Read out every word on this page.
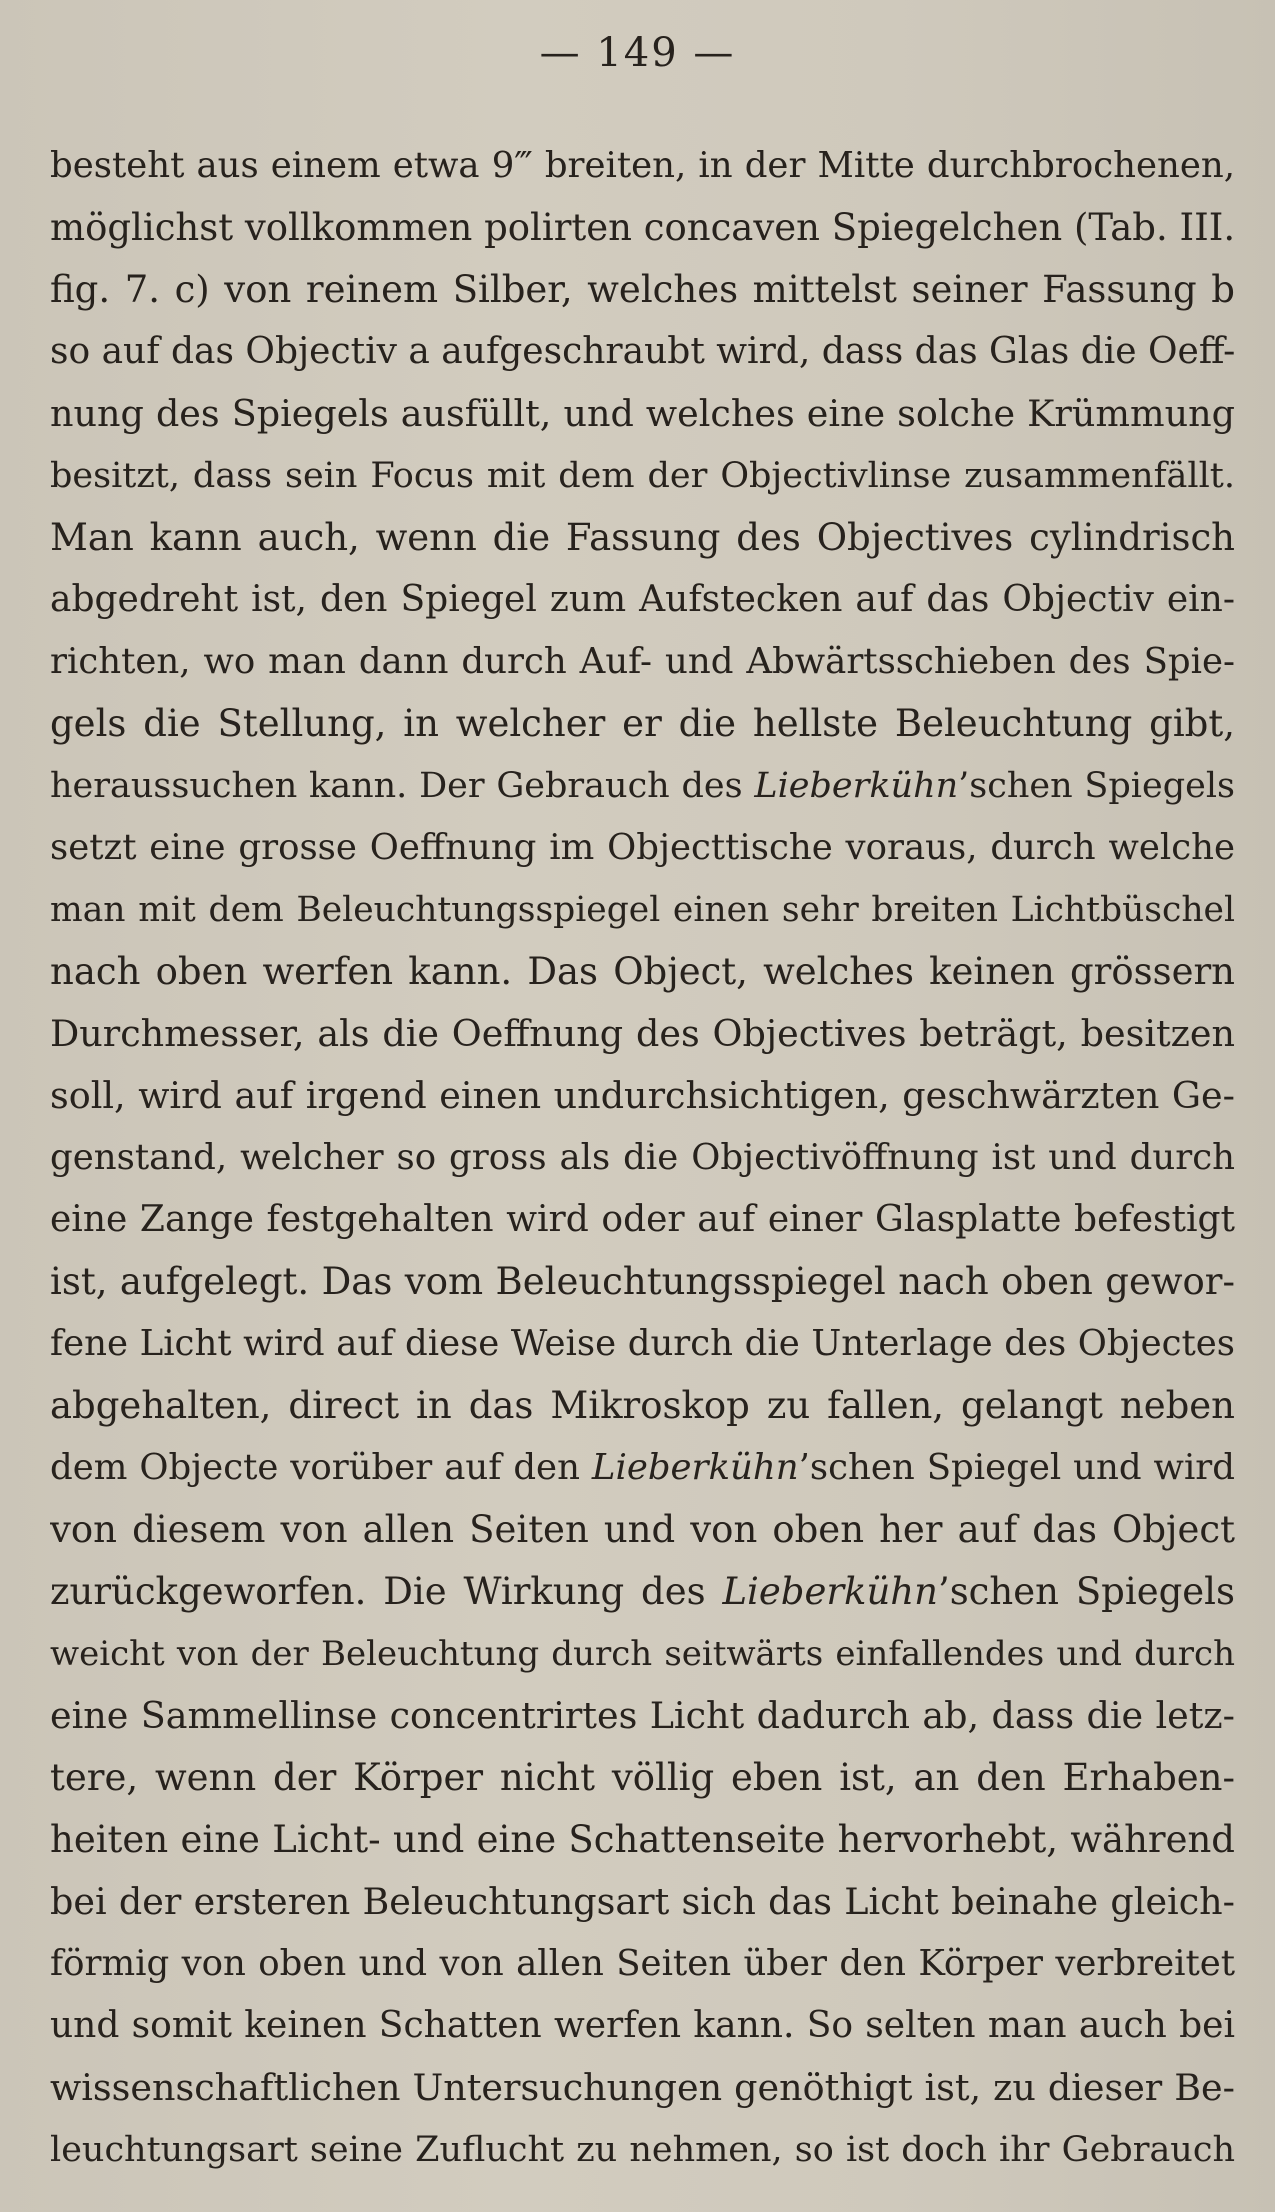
— 149 —
besteht aus einem etwa 9‴ breiten, in der Mitte durchbrochenen,
möglichst vollkommen polirten concaven Spiegelchen (Tab. III.
fig. 7. c) von reinem Silber, welches mittelst seiner Fassung b
so auf das Objectiv a aufgeschraubt wird, dass das Glas die Oeff-
nung des Spiegels ausfüllt, und welches eine solche Krümmung
besitzt, dass sein Focus mit dem der Objectivlinse zusammenfällt.
Man kann auch, wenn die Fassung des Objectives cylindrisch
abgedreht ist, den Spiegel zum Aufstecken auf das Objectiv ein-
richten, wo man dann durch Auf- und Abwärtsschieben des Spie-
gels die Stellung, in welcher er die hellste Beleuchtung gibt,
heraussuchen kann. Der Gebrauch des Lieberkühn’schen Spiegels
setzt eine grosse Oeffnung im Objecttische voraus, durch welche
man mit dem Beleuchtungsspiegel einen sehr breiten Lichtbüschel
nach oben werfen kann. Das Object, welches keinen grössern
Durchmesser, als die Oeffnung des Objectives beträgt, besitzen
soll, wird auf irgend einen undurchsichtigen, geschwärzten Ge-
genstand, welcher so gross als die Objectivöffnung ist und durch
eine Zange festgehalten wird oder auf einer Glasplatte befestigt
ist, aufgelegt. Das vom Beleuchtungsspiegel nach oben gewor-
fene Licht wird auf diese Weise durch die Unterlage des Objectes
abgehalten, direct in das Mikroskop zu fallen, gelangt neben
dem Objecte vorüber auf den Lieberkühn’schen Spiegel und wird
von diesem von allen Seiten und von oben her auf das Object
zurückgeworfen. Die Wirkung des Lieberkühn’schen Spiegels
weicht von der Beleuchtung durch seitwärts einfallendes und durch
eine Sammellinse concentrirtes Licht dadurch ab, dass die letz-
tere, wenn der Körper nicht völlig eben ist, an den Erhaben-
heiten eine Licht- und eine Schattenseite hervorhebt, während
bei der ersteren Beleuchtungsart sich das Licht beinahe gleich-
förmig von oben und von allen Seiten über den Körper verbreitet
und somit keinen Schatten werfen kann. So selten man auch bei
wissenschaftlichen Untersuchungen genöthigt ist, zu dieser Be-
leuchtungsart seine Zuflucht zu nehmen, so ist doch ihr Gebrauch
